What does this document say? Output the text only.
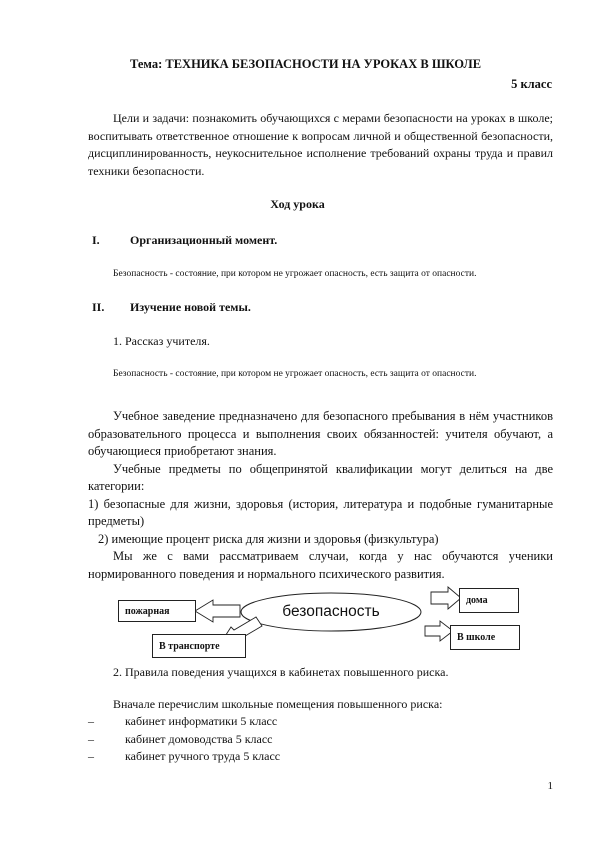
Тема: ТЕХНИКА БЕЗОПАСНОСТИ НА УРОКАХ В ШКОЛЕ
5 класс
Цели и задачи: познакомить обучающихся с мерами безопасности на уроках в школе; воспитывать ответственное отношение к вопросам личной и общественной безопасности, дисциплинированность, неукоснительное исполнение требований охраны труда и правил техники безопасности.
Ход урока
I.	Организационный момент.
Безопасность - состояние, при котором не угрожает опасность, есть защита от опасности.
II. Изучение новой темы.
1. Рассказ учителя.
Безопасность - состояние, при котором не угрожает опасность, есть защита от опасности.

Учебное заведение предназначено для безопасного пребывания в нём участников образовательного процесса и выполнения своих обязанностей: учителя обучают, а обучающиеся приобретают знания.

Учебные предметы по общепринятой квалификации могут делиться на две категории:

1) безопасные для жизни, здоровья (история, литература и подобные гуманитарные предметы)

2) имеющие процент риска для жизни и здоровья (физкультура)

Мы же с вами рассматриваем случаи, когда у нас обучаются ученики нормированного поведения и нормального психического развития.

безопасность
пожарная
В транспорте
дома
В школе
2. Правила поведения учащихся в кабинетах повышенного риска.
Вначале перечислим школьные помещения повышенного риска:
–	кабинет информатики 5 класс
–	кабинет домоводства 5 класс
–	кабинет ручного труда 5 класс
1
